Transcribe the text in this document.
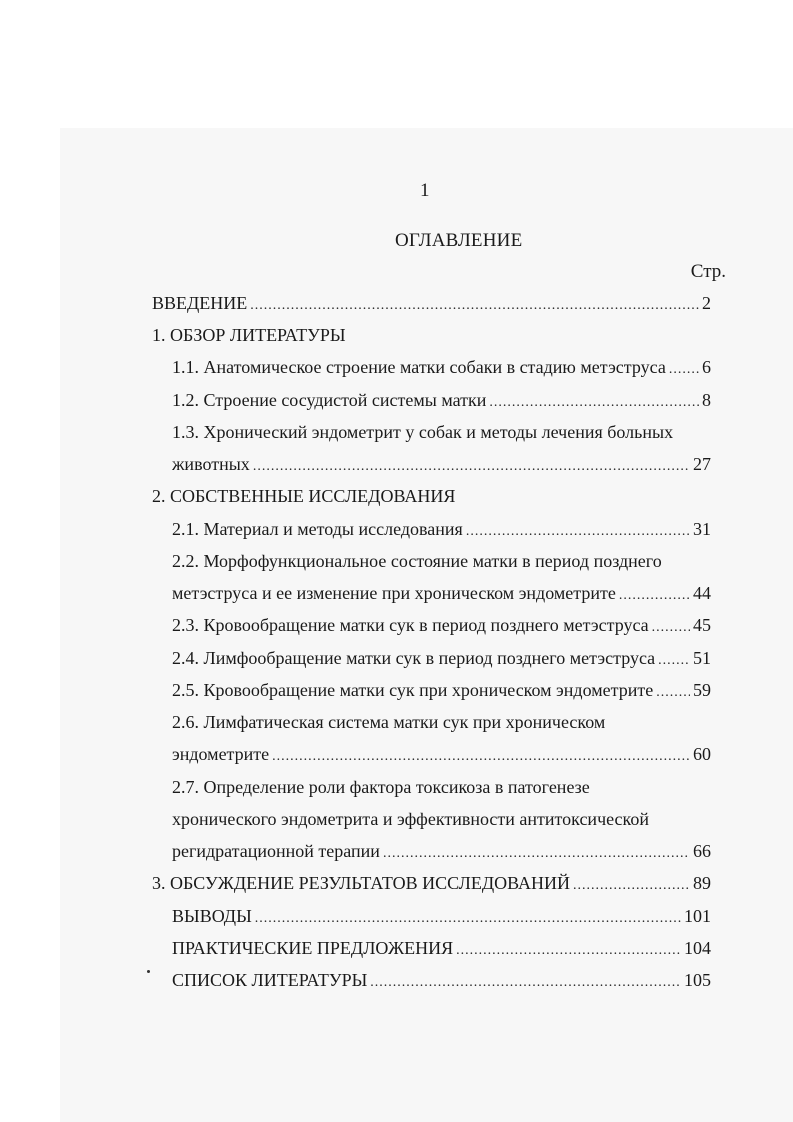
1
ОГЛАВЛЕНИЕ
Стр.
ВВЕДЕНИЕ .....	2
1. ОБЗОР ЛИТЕРАТУРЫ
1.1. Анатомическое строение матки собаки в стадию метэструса ..... 6
1.2. Строение сосудистой системы матки .....	8
1.3. Хронический эндометрит у собак и методы лечения больных
животных .....	27
2. СОБСТВЕННЫЕ ИССЛЕДОВАНИЯ
2.1. Материал и методы исследования .....	31
2.2. Морфофункциональное состояние матки в период позднего
метэструса и ее изменение при хроническом эндометрите .....	44
2.3. Кровообращение матки сук в период позднего метэструса ..... 45
2.4. Лимфообращение матки сук в период позднего метэструса ..... 51
2.5. Кровообращение матки сук при хроническом эндометрите ..... 59
2.6. Лимфатическая система матки сук при хроническом
эндометрите .....	60
2.7. Определение роли фактора токсикоза в патогенезе
хронического эндометрита и эффективности антитоксической
регидратационной терапии .....	66
3. ОБСУЖДЕНИЕ РЕЗУЛЬТАТОВ ИССЛЕДОВАНИЙ .....	89
ВЫВОДЫ .....	101
ПРАКТИЧЕСКИЕ ПРЕДЛОЖЕНИЯ .....	104
СПИСОК ЛИТЕРАТУРЫ .....	105
